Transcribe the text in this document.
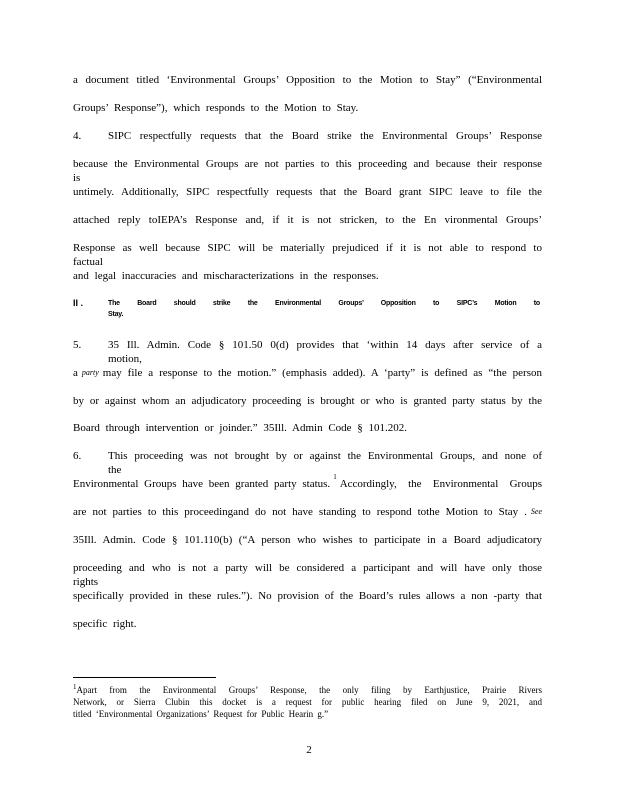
a document titled ‘Environmental Groups’ Opposition to the Motion to Stay” (“Environmental
Groups’ Response”), which responds to the Motion to Stay.
4. SIPC respectfully requests that the Board strike the Environmental Groups’ Response
because the Environmental Groups are not parties to this proceeding and because their response is
untimely. Additionally, SIPC respectfully requests that the Board grant SIPC leave to file the
attached reply toIEPA’s Response and, if it is not stricken, to the En vironmental Groups’
Response as well because SIPC will be materially prejudiced if it is not able to respond to factual
and legal inaccuracies and mischaracterizations in the responses.
II .	The Board should strike the Environmental Groups’ Opposition to SIPC’s Motion to
Stay.
5. 35 Ill. Admin. Code § 101.50 0(d) provides that ‘within 14 days after service of a motion,
a party may file a response to the motion.” (emphasis added). A ‘party” is defined as “the person
by or against whom an adjudicatory proceeding is brought or who is granted party status by the
Board through intervention or joinder.” 35Ill. Admin Code § 101.202.
6. This proceeding was not brought by or against the Environmental Groups, and none of the
Environmental Groups have been granted party status.
1
Accordingly, the Environmental Groups
are not parties to this proceedingand do not have standing to respond tothe Motion to Stay . See
35Ill. Admin. Code § 101.110(b) (“A person who wishes to participate in a Board adjudicatory
proceeding and who is not a party will be considered a participant and will have only those rights
specifically provided in these rules.”). No provision of the Board’s rules allows a non -party that
specific right.
$^1$Apart from the Environmental Groups’ Response, the only filing by Earthjustice, Prairie Rivers
Network, or Sierra Clubin this docket is a request for public hearing filed on June 9, 2021, and
titled ‘Environmental Organizations’ Request for Public Hearin g.”
2
